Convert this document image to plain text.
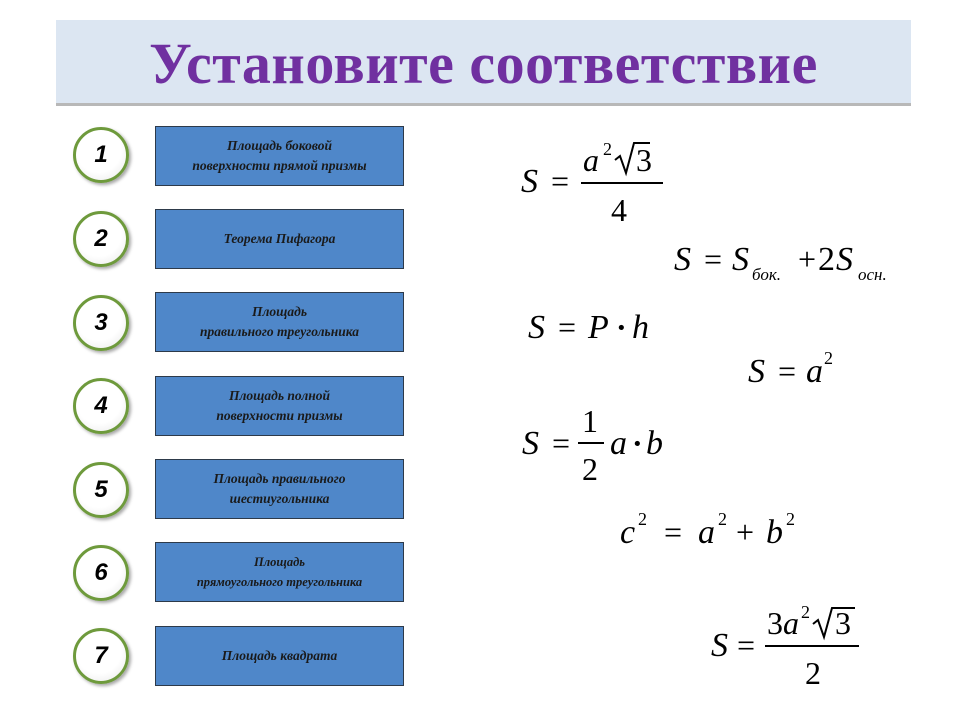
Установите соответствие
1
2
3
4
5
6
7
Площадь боковой
поверхности прямой призмы
Теорема Пифагора
Площадь
правильного треугольника
Площадь полной
поверхности призмы
Площадь правильного
шестиугольника
Площадь
прямоугольного треугольника
Площадь квадрата
S =
a 2 3
4
S = S бок. + 2 S осн.
S = P · h
S = a 2
S =
1
2
a · b
c 2 = a 2 + b 2
S =
3 a 2 3
2
